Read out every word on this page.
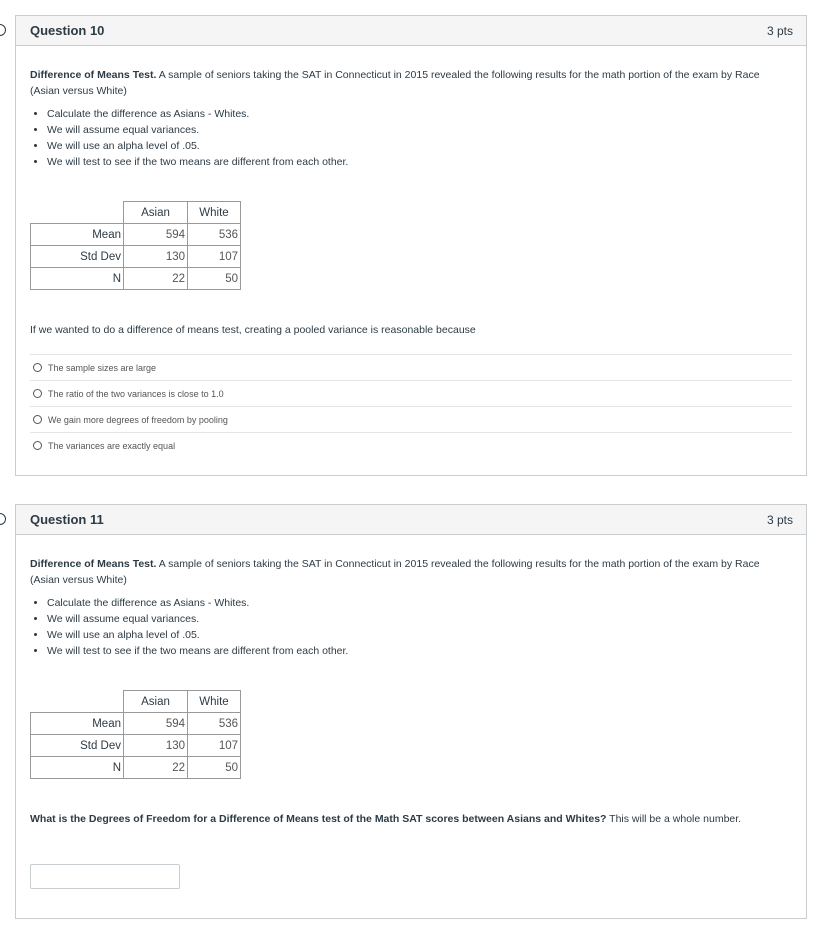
Question 10	3 pts
Difference of Means Test. A sample of seniors taking the SAT in Connecticut in 2015 revealed the following results for the math portion of the exam by Race (Asian versus White)
• Calculate the difference as Asians - Whites.
• We will assume equal variances.
• We will use an alpha level of .05.
• We will test to see if the two means are different from each other.
	Asian	White
Mean	594	536
Std Dev	130	107
N	22	50
If we wanted to do a difference of means test, creating a pooled variance is reasonable because
The sample sizes are large
The ratio of the two variances is close to 1.0
We gain more degrees of freedom by pooling
The variances are exactly equal
Question 11	3 pts
Difference of Means Test. A sample of seniors taking the SAT in Connecticut in 2015 revealed the following results for the math portion of the exam by Race (Asian versus White)
• Calculate the difference as Asians - Whites.
• We will assume equal variances.
• We will use an alpha level of .05.
• We will test to see if the two means are different from each other.
	Asian	White
Mean	594	536
Std Dev	130	107
N	22	50
What is the Degrees of Freedom for a Difference of Means test of the Math SAT scores between Asians and Whites? This will be a whole number.
